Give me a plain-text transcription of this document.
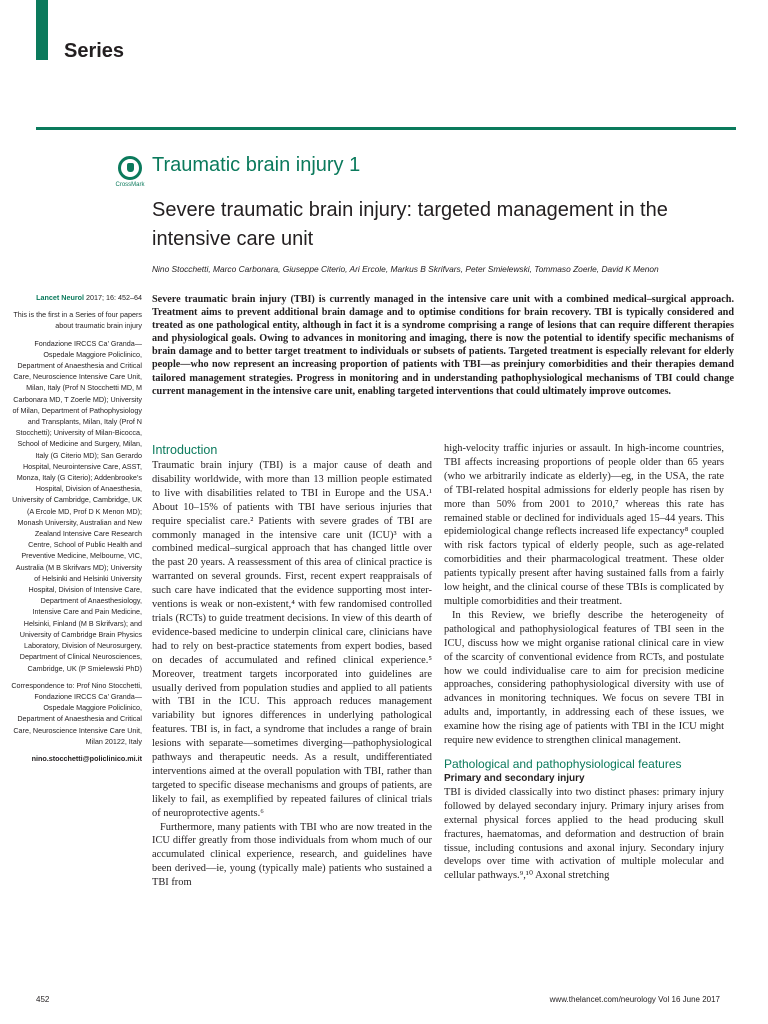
Series
CrossMark
Traumatic brain injury 1
Severe traumatic brain injury: targeted management in the intensive care unit
Nino Stocchetti, Marco Carbonara, Giuseppe Citerio, Ari Ercole, Markus B Skrifvars, Peter Smielewski, Tommaso Zoerle, David K Menon

Lancet Neurol 2017; 16: 452–64

This is the first in a Series of four papers about traumatic brain injury

Fondazione IRCCS Ca’ Granda—Ospedale Maggiore Policlinico, Department of Anaesthesia and Critical Care, Neuroscience Intensive Care Unit, Milan, Italy (Prof N Stocchetti MD, M Carbonara MD, T Zoerle MD); University of Milan, Department of Pathophysiology and Transplants, Milan, Italy (Prof N Stocchetti); University of Milan-Bicocca, School of Medicine and Surgery, Milan, Italy (G Citerio MD); San Gerardo Hospital, Neurointensive Care, ASST, Monza, Italy (G Citerio); Addenbrooke’s Hospital, Division of Anaesthesia, University of Cambridge, Cambridge, UK (A Ercole MD, Prof D K Menon MD); Monash University, Australian and New Zealand Intensive Care Research Centre, School of Public Health and Preventive Medicine, Melbourne, VIC, Australia (M B Skrifvars MD); University of Helsinki and Helsinki University Hospital, Division of Intensive Care, Department of Anaesthesiology, Intensive Care and Pain Medicine, Helsinki, Finland (M B Skrifvars); and University of Cambridge Brain Physics Laboratory, Division of Neurosurgery, Department of Clinical Neurosciences, Cambridge, UK (P Smielewski PhD)

Correspondence to: Prof Nino Stocchetti, Fondazione IRCCS Ca’ Granda—Ospedale Maggiore Policlinico, Department of Anaesthesia and Critical Care, Neuroscience Intensive Care Unit, Milan 20122, Italy

nino.stocchetti@policlinico.mi.it

Severe traumatic brain injury (TBI) is currently managed in the intensive care unit with a combined medical–surgical approach. Treatment aims to prevent additional brain damage and to optimise conditions for brain recovery. TBI is typically considered and treated as one pathological entity, although in fact it is a syndrome comprising a range of lesions that can require different therapies and physiological goals. Owing to advances in monitoring and imaging, there is now the potential to identify specific mechanisms of brain damage and to better target treatment to individuals or subsets of patients. Targeted treatment is especially relevant for elderly people—who now represent an increasing proportion of patients with TBI—as preinjury comorbidities and their therapies demand tailored management strategies. Progress in monitoring and in understanding pathophysiological mechanisms of TBI could change current management in the intensive care unit, enabling targeted interventions that could ultimately improve outcomes.
Introduction

Traumatic brain injury (TBI) is a major cause of death and disability worldwide, with more than 13 million people estimated to live with disabilities related to TBI in Europe and the USA.¹ About 10–15% of patients with TBI have serious injuries that require specialist care.² Patients with severe grades of TBI are commonly managed in the intensive care unit (ICU)³ with a combined medical–surgical approach that has changed little over the past 20 years. A reassessment of this area of clinical practice is warranted on several grounds. First, recent expert reappraisals of such care have indicated that the evidence supporting most inter-ventions is weak or non-existent,⁴ with few randomised controlled trials (RCTs) to guide treatment decisions. In view of this dearth of evidence-based medicine to underpin clinical care, clinicians have had to rely on best-practice statements from expert bodies, based on decades of accumulated and refined clinical experience.⁵ Moreover, treatment targets incorporated into guidelines are usually derived from population studies and applied to all patients with TBI in the ICU. This approach reduces management variability but ignores differences in underlying pathological features. TBI is, in fact, a syndrome that includes a range of brain lesions with separate—sometimes diverging—pathophysiological pathways and therapeutic needs. As a result, undifferentiated interventions aimed at the overall population with TBI, rather than targeted to specific disease mechanisms and groups of patients, are likely to fail, as exemplified by repeated failures of clinical trials of neuroprotective agents.⁶

Furthermore, many patients with TBI who are now treated in the ICU differ greatly from those individuals from whom much of our accumulated clinical experience, research, and guidelines have been derived—ie, young (typically male) patients who sustained a TBI from

high-velocity traffic injuries or assault. In high-income countries, TBI affects increasing proportions of people older than 65 years (who we arbitrarily indicate as elderly)—eg, in the USA, the rate of TBI-related hospital admissions for elderly people has risen by more than 50% from 2001 to 2010,⁷ whereas this rate has remained stable or declined for individuals aged 15–44 years. This epidemiological change reflects increased life expectancy⁸ coupled with risk factors typical of elderly people, such as age-related comorbidities and their pharmacological treatment. These older patients typically present after having sustained falls from a fairly low height, and the clinical course of these TBIs is complicated by multiple comorbidities and their treatment.

In this Review, we briefly describe the heterogeneity of pathological and pathophysiological features of TBI seen in the ICU, discuss how we might organise rational clinical care in view of the scarcity of conventional evidence from RCTs, and postulate how we could individualise care to aim for precision medicine approaches, considering pathophysiological diversity with use of advances in monitoring techniques. We focus on severe TBI in adults and, importantly, in addressing each of these issues, we examine how the rising age of patients with TBI in the ICU might require new evidence to strengthen clinical management.

Pathological and pathophysiological features
Primary and secondary injury

TBI is divided classically into two distinct phases: primary injury followed by delayed secondary injury. Primary injury arises from external physical forces applied to the head producing skull fractures, haematomas, and deformation and destruction of brain tissue, including contusions and axonal injury. Secondary injury develops over time with activation of multiple molecular and cellular pathways.⁹,¹⁰ Axonal stretching

452	www.thelancet.com/neurology Vol 16 June 2017
